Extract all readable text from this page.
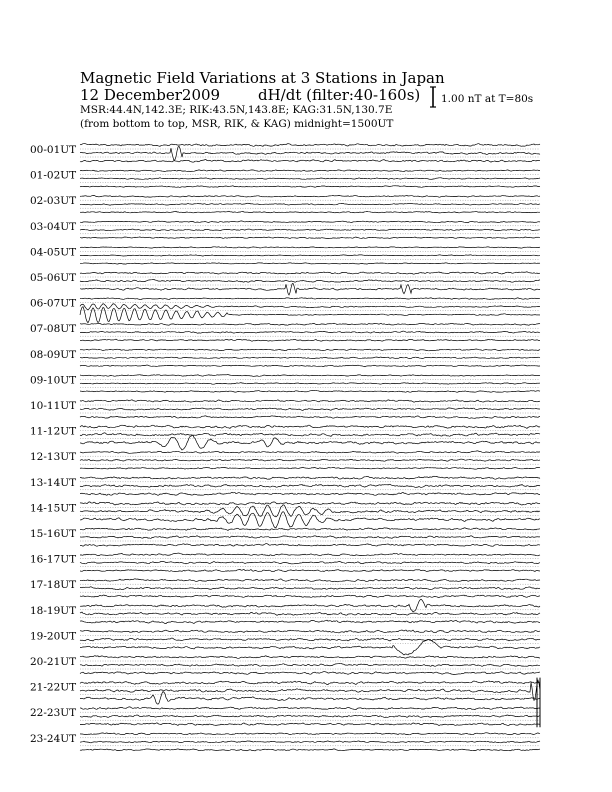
Magnetic Field Variations at 3 Stations in Japan
12 December2009	dH/dt (filter:40-160s)
MSR:44.4N,142.3E; RIK:43.5N,143.8E; KAG:31.5N,130.7E
(from bottom to top, MSR, RIK, & KAG) midnight=1500UT
1.00 nT at T=80s
00-01UT
01-02UT
02-03UT
03-04UT
04-05UT
05-06UT
06-07UT
07-08UT
08-09UT
09-10UT
10-11UT
11-12UT
12-13UT
13-14UT
14-15UT
15-16UT
16-17UT
17-18UT
18-19UT
19-20UT
20-21UT
21-22UT
22-23UT
23-24UT
